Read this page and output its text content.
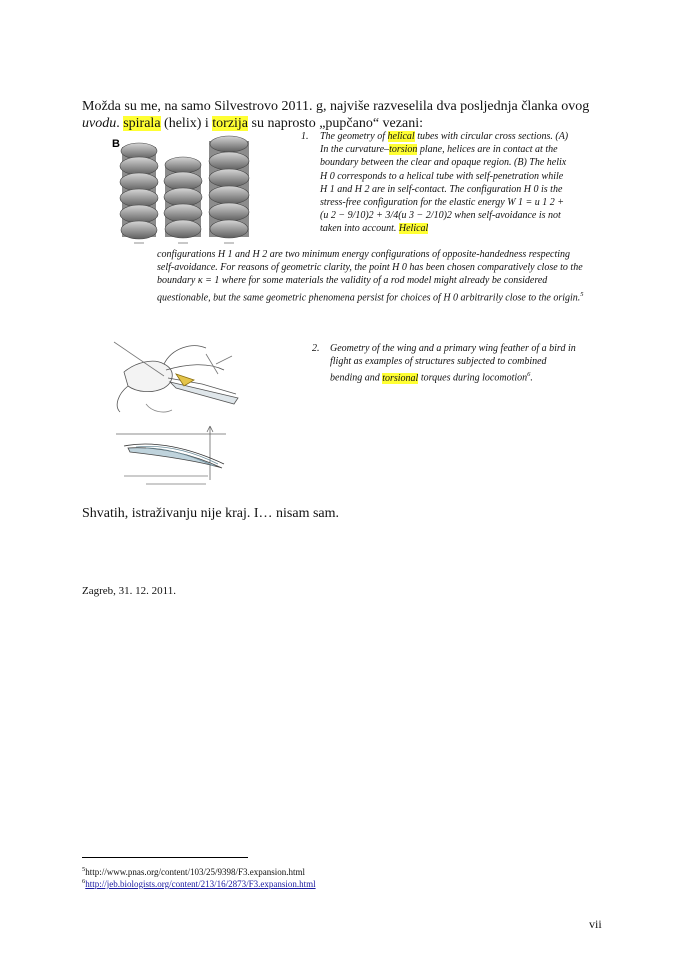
Možda su me, na samo Silvestrovo 2011. g, najviše razveselila dva posljednja članka ovog
uvodu. spirala (helix) i torzija su naprosto „pupčano“ vezani:
B
1. The geometry of helical tubes with circular cross sections. (A) In the curvature–torsion plane, helices are in contact at the boundary between the clear and opaque region. (B) The helix H 0 corresponds to a helical tube with self-penetration while H 1 and H 2 are in self-contact. The configuration H 0 is the stress-free configuration for the elastic energy W 1 = u 1 2 + (u 2 − 9/10)2 + 3/4(u 3 − 2/10)2 when self-avoidance is not taken into account. Helical
configurations H 1 and H 2 are two minimum energy configurations of opposite-handedness respecting self-avoidance. For reasons of geometric clarity, the point H 0 has been chosen comparatively close to the boundary κ = 1 where for some materials the validity of a rod model might already be considered questionable, but the same geometric phenomena persist for choices of H 0 arbitrarily close to the origin.$^5$
2. Geometry of the wing and a primary wing feather of a bird in flight as examples of structures subjected to combined bending and torsional torques during locomotion$^6$.
Shvatih, istraživanju nije kraj. I… nisam sam.
Zagreb, 31. 12. 2011.
$^5$http://www.pnas.org/content/103/25/9398/F3.expansion.html
$^6$http://jeb.biologists.org/content/213/16/2873/F3.expansion.html
vii
